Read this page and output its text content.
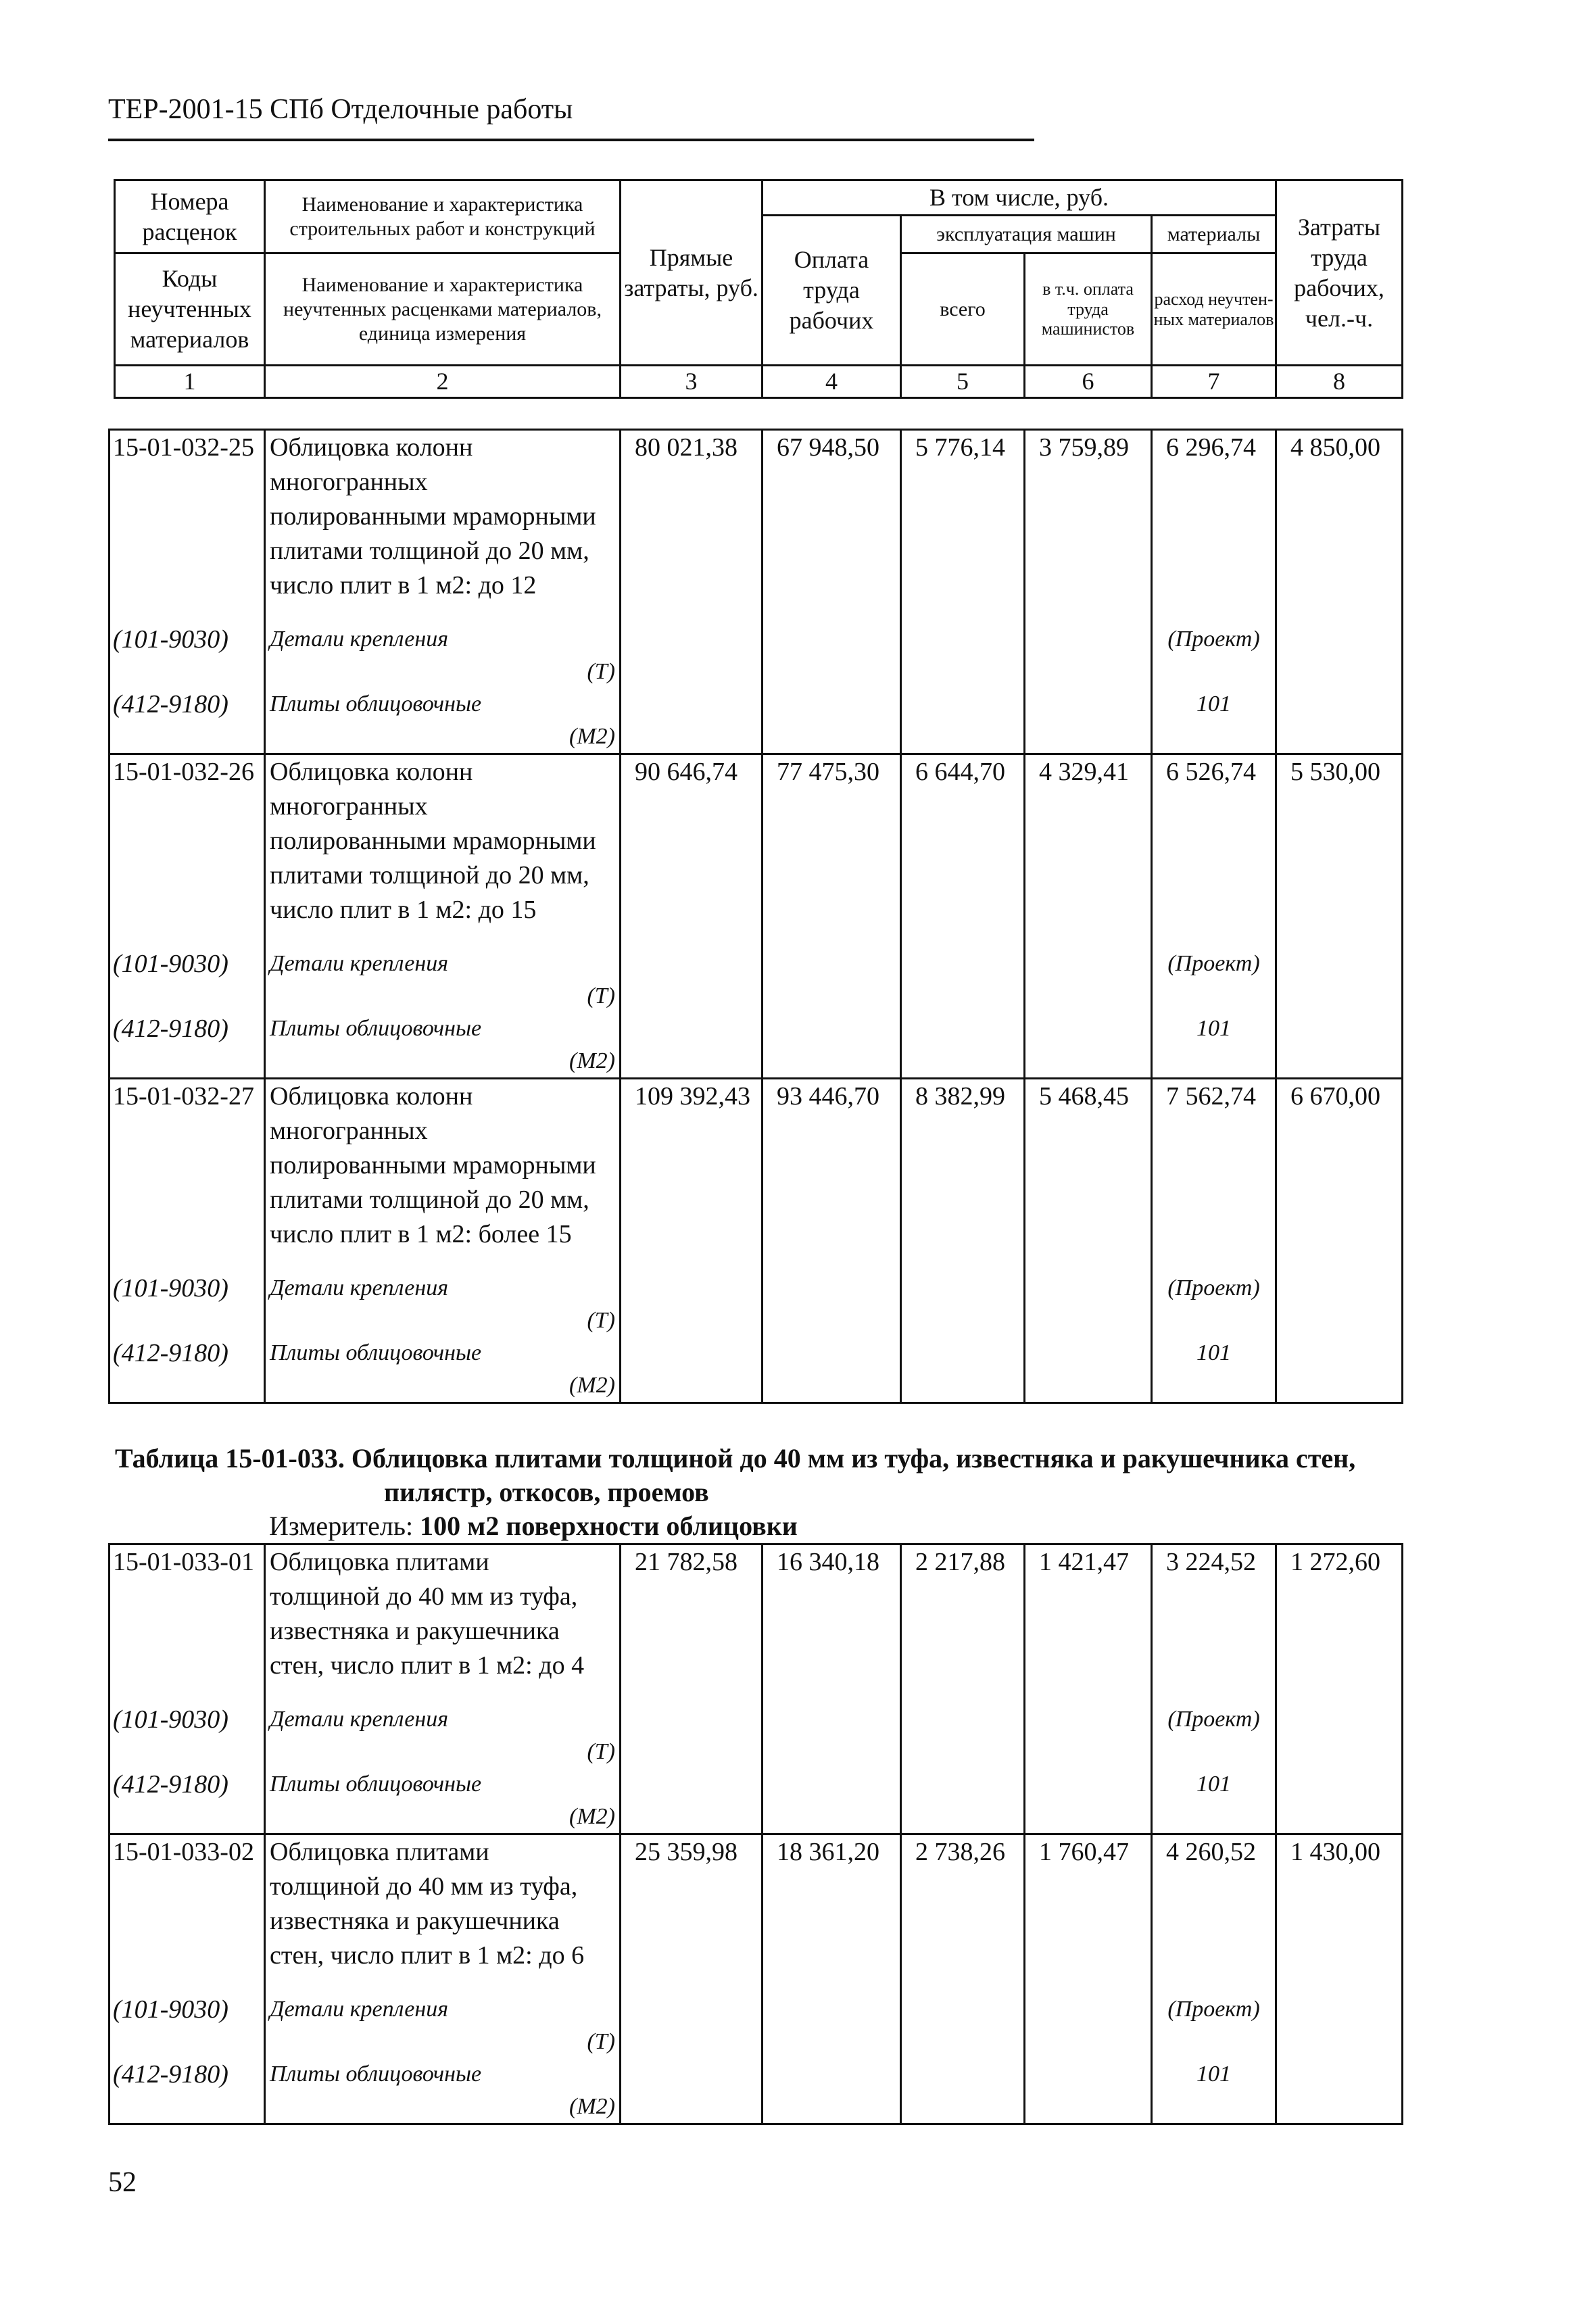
ТЕР-2001-15 СПб Отделочные работы
Номера расценок	Наименование и характеристика строительных работ и конструкций	Прямые затраты, руб.	В том числе, руб.				Затраты труда рабочих, чел.-ч.
			Оплата труда рабочих	эксплуатация машин		материалы	
Коды неучтенных материалов	Наименование и характеристика неучтенных расценками материалов, единица измерения			всего	в т.ч. оплата труда машинистов	расход неучтен- ных материалов	

1	2	3	4	5	6	7	8
15-01-032-25	Облицовка колонн
многогранных
полированными мраморными
плитами толщиной до 20 мм,
число плит в 1 м2: до 12	80 021,38	67 948,50	5 776,14	3 759,89	6 296,74	4 850,00

(101-9030)	Детали крепления
(Т)					(Проект)	

(412-9180)	Плиты облицовочные
(М2)					101	

15-01-032-26	Облицовка колонн
многогранных
полированными мраморными
плитами толщиной до 20 мм,
число плит в 1 м2: до 15	90 646,74	77 475,30	6 644,70	4 329,41	6 526,74	5 530,00

(101-9030)	Детали крепления
(Т)					(Проект)	

(412-9180)	Плиты облицовочные
(М2)					101	

15-01-032-27	Облицовка колонн
многогранных
полированными мраморными
плитами толщиной до 20 мм,
число плит в 1 м2: более 15	109 392,43	93 446,70	8 382,99	5 468,45	7 562,74	6 670,00

(101-9030)	Детали крепления
(Т)					(Проект)	

(412-9180)	Плиты облицовочные
(М2)					101	

Таблица 15-01-033. Облицовка плитами толщиной до 40 мм из туфа, известняка и ракушечника стен,
пилястр, откосов, проемов
Измеритель: 100 м2 поверхности облицовки
15-01-033-01	Облицовка плитами
толщиной до 40 мм из туфа,
известняка и ракушечника
стен, число плит в 1 м2: до 4	21 782,58	16 340,18	2 217,88	1 421,47	3 224,52	1 272,60

(101-9030)	Детали крепления
(Т)					(Проект)	

(412-9180)	Плиты облицовочные
(М2)					101	

15-01-033-02	Облицовка плитами
толщиной до 40 мм из туфа,
известняка и ракушечника
стен, число плит в 1 м2: до 6	25 359,98	18 361,20	2 738,26	1 760,47	4 260,52	1 430,00

(101-9030)	Детали крепления
(Т)					(Проект)	

(412-9180)	Плиты облицовочные
(М2)					101	

52
